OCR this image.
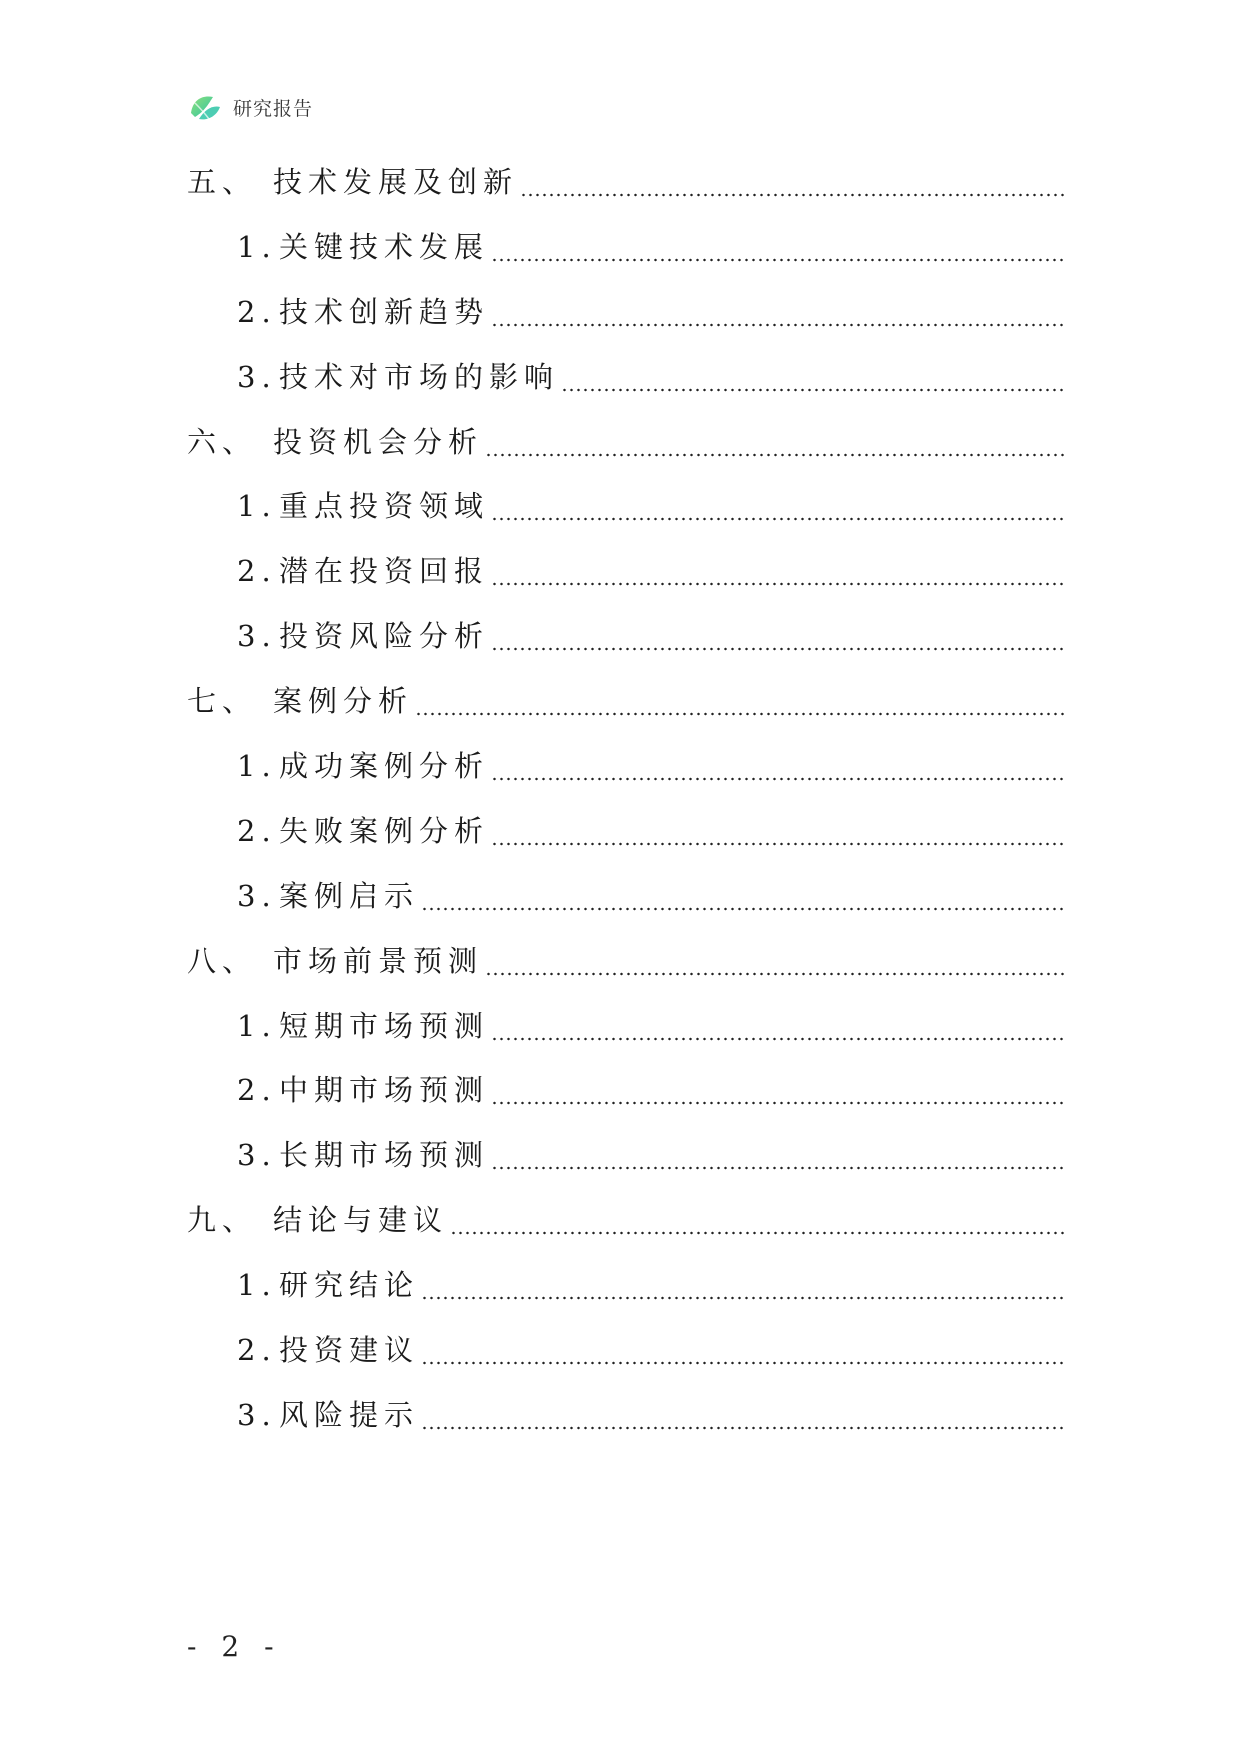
研究报告
五、 技术发展及创新
1. 关键技术发展
2. 技术创新趋势
3. 技术对市场的影响
六、 投资机会分析
1. 重点投资领域
2. 潜在投资回报
3. 投资风险分析
七、 案例分析
1. 成功案例分析
2. 失败案例分析
3. 案例启示
八、 市场前景预测
1. 短期市场预测
2. 中期市场预测
3. 长期市场预测
九、 结论与建议
1. 研究结论
2. 投资建议
3. 风险提示
- 2 -
